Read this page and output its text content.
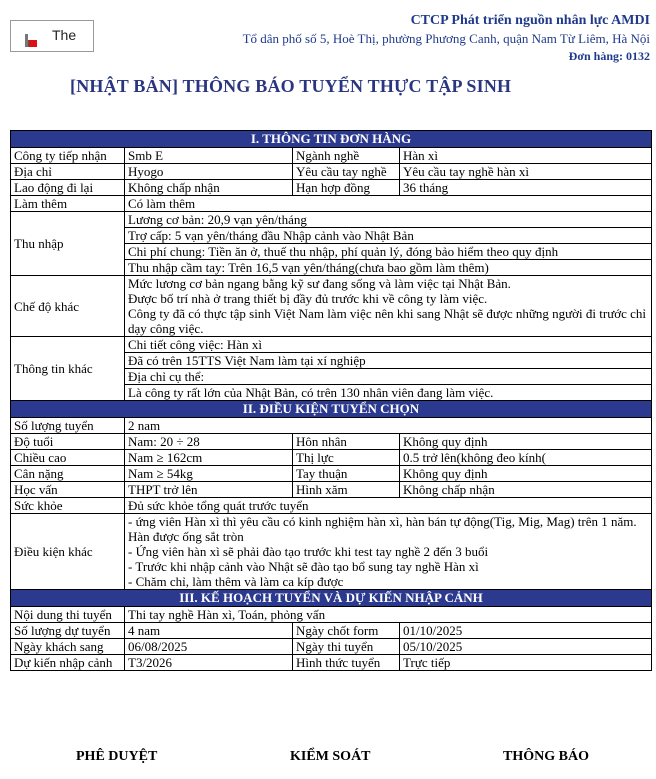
The
CTCP Phát triển nguồn nhân lực AMDI
Tổ dân phố số 5, Hoè Thị, phường Phương Canh, quận Nam Từ Liêm, Hà Nội
Đơn hàng: 0132
[NHẬT BẢN] THÔNG BÁO TUYỂN THỰC TẬP SINH
I. THÔNG TIN ĐƠN HÀNG			
Công ty tiếp nhận	Smb E	Ngành nghề	Hàn xì
Địa chỉ	Hyogo	Yêu cầu tay nghề	Yêu cầu tay nghề hàn xì
Lao động đi lại	Không chấp nhận	Hạn hợp đồng	36 tháng
Làm thêm	Có làm thêm		
Thu nhập	Lương cơ bản: 20,9 vạn yên/tháng		
	Trợ cấp: 5 vạn yên/tháng đầu Nhập cảnh vào Nhật Bản		
	Chi phí chung: Tiền ăn ở, thuế thu nhập, phí quản lý, đóng bảo hiểm theo quy định		
	Thu nhập cầm tay: Trên 16,5 vạn yên/tháng(chưa bao gồm làm thêm)		
Chế độ khác	Mức lương cơ bản ngang bằng kỹ sư đang sống và làm việc tại Nhật Bản.
Được bố trí nhà ở trang thiết bị đầy đủ trước khi về công ty làm việc.
Công ty đã có thực tập sinh Việt Nam làm việc nên khi sang Nhật sẽ được những người đi trước chỉ dạy công việc.		

Thông tin khác	Chi tiết công việc: Hàn xì		
	Đã có trên 15TTS Việt Nam làm tại xí nghiệp		
	Địa chỉ cụ thể:		
	Là công ty rất lớn của Nhật Bản, có trên 130 nhân viên đang làm việc.		
II. ĐIỀU KIỆN TUYỂN CHỌN			
Số lượng tuyển	2 nam		
Độ tuổi	Nam: 20 ÷ 28	Hôn nhân	Không quy định
Chiều cao	Nam ≥ 162cm	Thị lực	0.5 trở lên(không đeo kính(
Cân nặng	Nam ≥ 54kg	Tay thuận	Không quy định
Học vấn	THPT trở lên	Hình xăm	Không chấp nhận
Sức khỏe	Đủ sức khỏe tổng quát trước tuyển		
Điều kiện khác	- ứng viên Hàn xì thì yêu cầu có kinh nghiệm hàn xì, hàn bán tự động(Tig, Mig, Mag) trên 1 năm. Hàn được ống sắt tròn
- Ứng viên hàn xì sẽ phải đào tạo trước khi test tay nghề 2 đến 3 buổi
- Trước khi nhập cảnh vào Nhật sẽ đào tạo bổ sung tay nghề Hàn xì
- Chăm chỉ, làm thêm và làm ca kíp được		

III. KẾ HOẠCH TUYỂN VÀ DỰ KIẾN NHẬP CẢNH			
Nội dung thi tuyển	Thi tay nghề Hàn xì, Toán, phỏng vấn		
Số lượng dự tuyển	4 nam	Ngày chốt form	01/10/2025
Ngày khách sang	06/08/2025	Ngày thi tuyển	05/10/2025
Dự kiến nhập cảnh	T3/2026	Hình thức tuyển	Trực tiếp
PHÊ DUYỆT	KIỂM SOÁT	THÔNG BÁO
